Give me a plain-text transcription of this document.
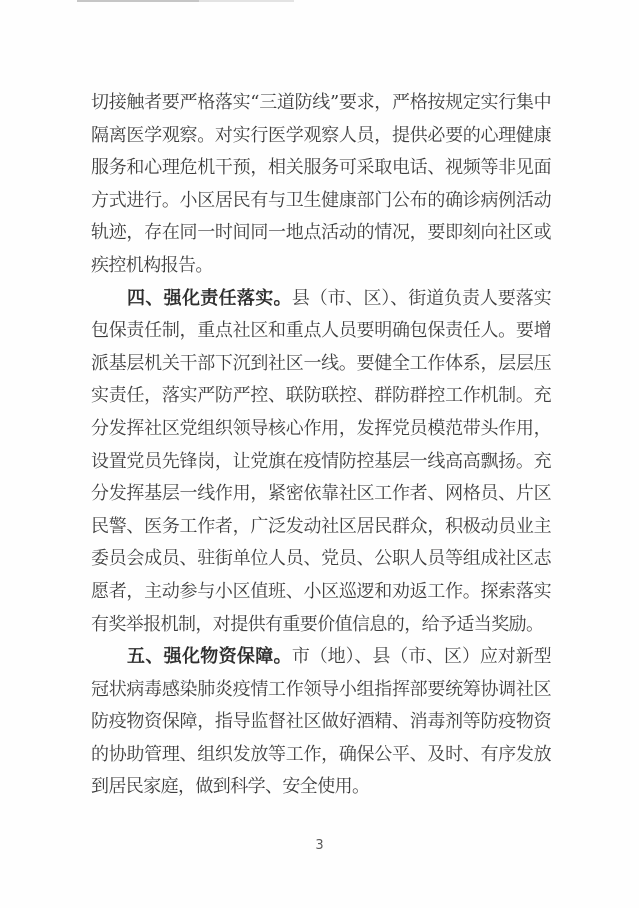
切接触者要严格落实“三道防线”要求，严格按规定实行集中隔离医学观察。对实行医学观察人员，提供必要的心理健康服务和心理危机干预，相关服务可采取电话、视频等非见面方式进行。小区居民有与卫生健康部门公布的确诊病例活动轨迹，存在同一时间同一地点活动的情况，要即刻向社区或疾控机构报告。

四、强化责任落实。县（市、区）、街道负责人要落实包保责任制，重点社区和重点人员要明确包保责任人。要增派基层机关干部下沉到社区一线。要健全工作体系，层层压实责任，落实严防严控、联防联控、群防群控工作机制。充分发挥社区党组织领导核心作用，发挥党员模范带头作用，设置党员先锋岗，让党旗在疫情防控基层一线高高飘扬。充分发挥基层一线作用，紧密依靠社区工作者、网格员、片区民警、医务工作者，广泛发动社区居民群众，积极动员业主委员会成员、驻街单位人员、党员、公职人员等组成社区志愿者，主动参与小区值班、小区巡逻和劝返工作。探索落实有奖举报机制，对提供有重要价值信息的，给予适当奖励。

五、强化物资保障。市（地）、县（市、区）应对新型冠状病毒感染肺炎疫情工作领导小组指挥部要统筹协调社区防疫物资保障，指导监督社区做好酒精、消毒剂等防疫物资的协助管理、组织发放等工作，确保公平、及时、有序发放到居民家庭，做到科学、安全使用。

3
